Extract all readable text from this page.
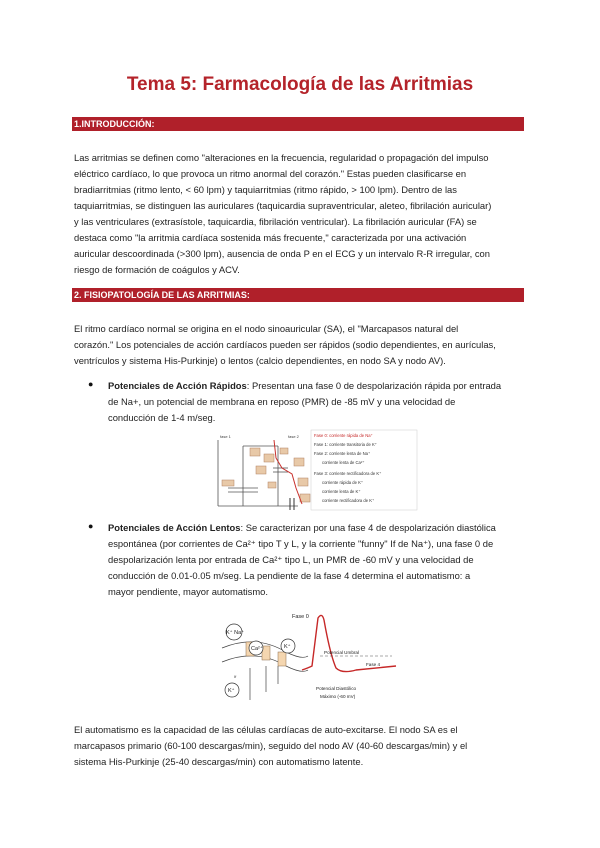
Tema 5: Farmacología de las Arritmias
1.INTRODUCCIÓN:
Las arritmias se definen como "alteraciones en la frecuencia, regularidad o propagación del impulso
eléctrico cardíaco, lo que provoca un ritmo anormal del corazón." Estas pueden clasificarse en
bradiarritmias (ritmo lento, < 60 lpm) y taquiarritmias (ritmo rápido, > 100 lpm). Dentro de las
taquiarritmias, se distinguen las auriculares (taquicardia supraventricular, aleteo, fibrilación auricular)
y las ventriculares (extrasístole, taquicardia, fibrilación ventricular). La fibrilación auricular (FA) se
destaca como "la arritmia cardíaca sostenida más frecuente," caracterizada por una activación
auricular descoordinada (>300 lpm), ausencia de onda P en el ECG y un intervalo R-R irregular, con
riesgo de formación de coágulos y ACV.
2. FISIOPATOLOGÍA DE LAS ARRITMIAS:
El ritmo cardíaco normal se origina en el nodo sinoauricular (SA), el "Marcapasos natural del
corazón." Los potenciales de acción cardíacos pueden ser rápidos (sodio dependientes, en aurículas,
ventrículos y sistema His-Purkinje) o lentos (calcio dependientes, en nodo SA y nodo AV).
● Potenciales de Acción Rápidos: Presentan una fase 0 de despolarización rápida por entrada
de Na+, un potencial de membrana en reposo (PMR) de -85 mV y una velocidad de
conducción de 1-4 m/seg.
fase 1	fase 2	Fase 0: corriente rápida de Na⁺
Fase 1: corriente transitoria de K⁺
Fase 2: corriente lenta de Na⁺
corriente lenta de Ca²⁺
Fase 3: corriente rectificadora de K⁺
corriente rápida de K⁺
corriente lenta de K⁺
corriente rectificadora de K⁺
● Potenciales de Acción Lentos: Se caracterizan por una fase 4 de despolarización diastólica
espontánea (por corrientes de Ca²⁺ tipo T y L, y la corriente "funny" If de Na⁺), una fase 0 de
despolarización lenta por entrada de Ca²⁺ tipo L, un PMR de -60 mV y una velocidad de
conducción de 0.01-0.05 m/seg. La pendiente de la fase 4 determina el automatismo: a
mayor pendiente, mayor automatismo.
K⁺ Na⁺
Ca²⁺	K⁺
K⁺
If
Fase 0
Potencial Umbral
Fase 4
Potencial Diastólico
Máximo (-60 mV)
El automatismo es la capacidad de las células cardíacas de auto-excitarse. El nodo SA es el
marcapasos primario (60-100 descargas/min), seguido del nodo AV (40-60 descargas/min) y el
sistema His-Purkinje (25-40 descargas/min) con automatismo latente.
